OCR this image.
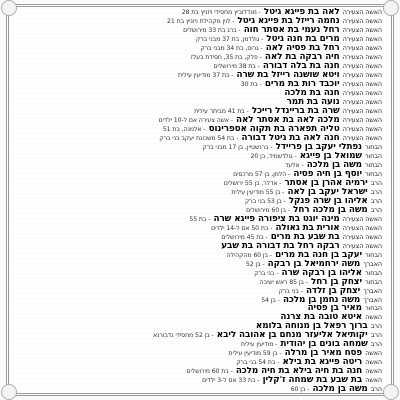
האשה הצעירה לאה בת פייגא גיטל - מנדלוביץ מחסידי ויזניץ בת 28
האשה הצעירה נחמה רייזל בת פייגא גיטל - לוין מקהילת ויזניץ בת 21
האשה הצעירה רחל נעמי בת אסתר חוה - ברג בת 33 מירושלים
האשה הצעירה מרים בת חנה גיטל - גולדמן, בת 37 מבני ברק
האשה הצעירה רחל בת פסיה לאה - גרוס, בת 34 מבני ברק
האשה הצעירה חיה רבקה בת לאה - פלק, בת 35, חסידת בעלז
האשה הצעירה חנה בת בלה דבורה - בת 38 מירושלים
האשה הצעירה ויטא שושנה רייזל בת שרה - בת 37 מודיעין עילית
האשה הצעירה יוכבד רות בת מרים - בת 30
האשה הצעירה חנה בת מלכה
האשה הצעירה נועה בת תמר
האשה הצעירה שרה בת בריינדל רייכל - בת 41 מביתר עילית
האשה הצעירה מלכה לאה בת אסתר לאה - אשה צעירה אם ל-10 ילדים
האשה הצעירה טליה תפארה בת תקוה אספרינוס - אלמנה, בת 51
האשה הצעירה חנה לאה בת גיטל דבורה - בת 54 משכונת יעקב בני ברק
הבחור נפתלי יעקב בן פריידל - ברנשטיין, בן 17 מבני ברק
הבחור שמואל בן פייגא - גולדשמיד, בן 20
הבחור משה בן מלכה - אלעד
הבחור יוסף בן חיה פסיה - הלמן, בן 57 מרכסים
הרב ירמיה אהרן בן אסתר - אדלר, בן 55 ירושלים
הרב ישראל יעקב בן לאה - בן 55 מודיעין עילית
הרב אליהו בן שרה פנקל - בן 53 בני ברק
הרב משה בן מלכה רחל - בן 60 מירושלים
האשה הצעירה מינה יוגט בת ציפורה פייגא שרה - בת 55
האשה הצעירה אורית בת גאולה - בת 50 אם ל-14 ילדים
האשה הצעירה בת שבע בת מרים - בת 45 מירושלים
האשה הצעירה רבקה רחל בת דבורה בת שבע
הבחור יעקב בן חנה בת מרים - בן 60 מהקהילה
האברך משה ירחמיאל בן רבקה - בן 52
הבחור אליהו בן רבקה שרה - בני ברק
הבחור יצחק בן רחל - בן 85 ראש ישיבה
האברך יצחק בן זלדה - בני ברק
האברך משה נחמן בן מלכה - בן 54
הבחור מאיר בן פסיה
האשה איטא טובה בת צרנה
הרב ברוך רפאל בן מנוחה בלומא
הרב יקותיאל אליעזר מנחם בן אהובה ליבא - בן 52 מחסידי נדבורנא
הרב שמחה בונים בן יהודית - מודיעין עילית
האשה פסח מאיר בן מרלה - בן 59 מודיעין עילית
האשה ריטה פייגא בת בילא - בת 54 בני ברק
האשה חנה בת חיה בילא בת חיה מלכה - בת 60 מירושלים
האשה בת שבע בת שמחה ז'קלין - בת 33 אם ל-3 ילדים
הרב משה בן מלכה - בן 60
